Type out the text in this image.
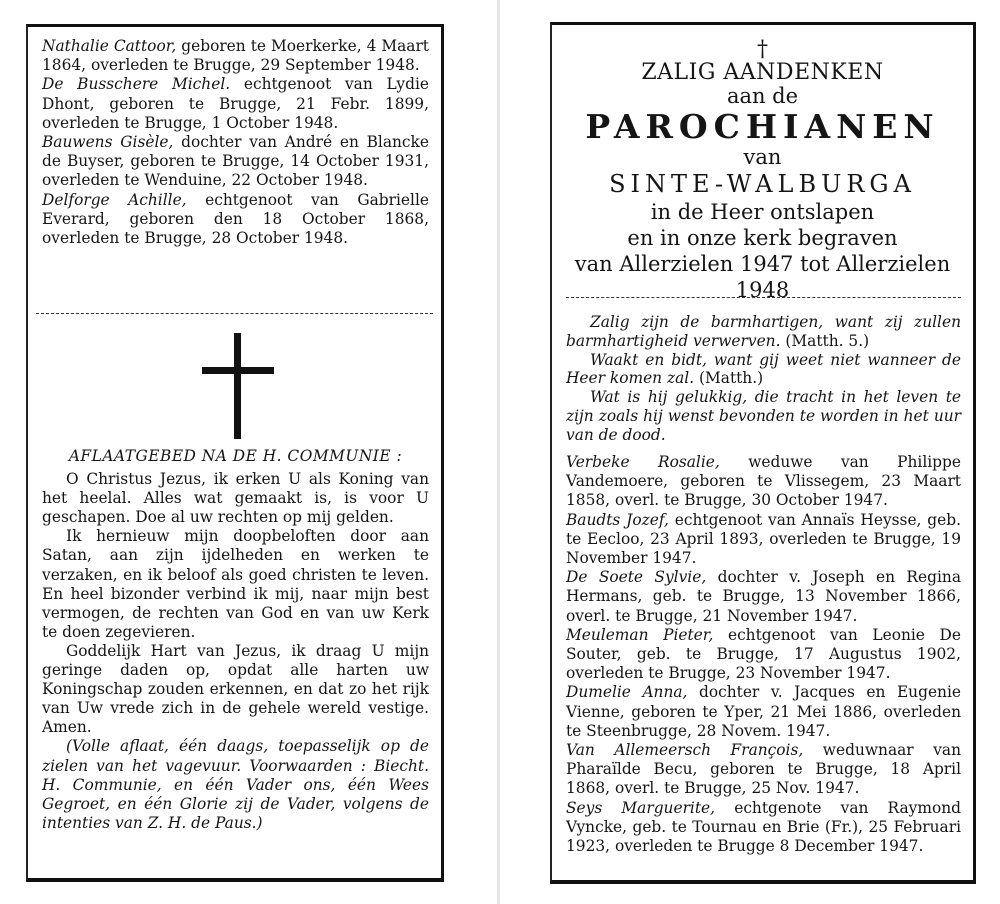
Nathalie Cattoor, geboren te Moerkerke, 4 Maart 1864, overleden te Brugge, 29 September 1948.

De Busschere Michel. echtgenoot van Lydie Dhont, geboren te Brugge, 21 Febr. 1899, overleden te Brugge, 1 October 1948.

Bauwens Gisèle, dochter van André en Blancke de Buyser, geboren te Brugge, 14 October 1931, overleden te Wenduine, 22 October 1948.

Delforge Achille, echtgenoot van Gabrielle Everard, geboren den 18 October 1868, overleden te Brugge, 28 October 1948.

AFLAATGEBED NA DE H. COMMUNIE :

O Christus Jezus, ik erken U als Koning van het heelal. Alles wat gemaakt is, is voor U geschapen. Doe al uw rechten op mij gelden.

Ik hernieuw mijn doopbeloften door aan Satan, aan zijn ijdelheden en werken te verzaken, en ik beloof als goed christen te leven. En heel bizonder verbind ik mij, naar mijn best vermogen, de rechten van God en van uw Kerk te doen zegevieren.

Goddelijk Hart van Jezus, ik draag U mijn geringe daden op, opdat alle harten uw Koningschap zouden erkennen, en dat zo het rijk van Uw vrede zich in de gehele wereld vestige. Amen.

(Volle aflaat, één daags, toepasselijk op de zielen van het vagevuur. Voorwaarden : Biecht. H. Communie, en één Vader ons, één Wees Gegroet, en één Glorie zij de Vader, volgens de intenties van Z. H. de Paus.)

†
ZALIG AANDENKEN
aan de
PAROCHIANEN
van
SINTE-WALBURGA
in de Heer ontslapen
en in onze kerk begraven
van Allerzielen 1947 tot Allerzielen 1948

Zalig zijn de barmhartigen, want zij zullen barmhartigheid verwerven. (Matth. 5.)

Waakt en bidt, want gij weet niet wanneer de Heer komen zal. (Matth.)

Wat is hij gelukkig, die tracht in het leven te zijn zoals hij wenst bevonden te worden in het uur van de dood.

Verbeke Rosalie, weduwe van Philippe Vandemoere, geboren te Vlissegem, 23 Maart 1858, overl. te Brugge, 30 October 1947.

Baudts Jozef, echtgenoot van Annaïs Heysse, geb. te Eecloo, 23 April 1893, overleden te Brugge, 19 November 1947.

De Soete Sylvie, dochter v. Joseph en Regina Hermans, geb. te Brugge, 13 November 1866, overl. te Brugge, 21 November 1947.

Meuleman Pieter, echtgenoot van Leonie De Souter, geb. te Brugge, 17 Augustus 1902, overleden te Brugge, 23 November 1947.

Dumelie Anna, dochter v. Jacques en Eugenie Vienne, geboren te Yper, 21 Mei 1886, overleden te Steenbrugge, 28 Novem. 1947.

Van Allemeersch François, weduwnaar van Pharaïlde Becu, geboren te Brugge, 18 April 1868, overl. te Brugge, 25 Nov. 1947.

Seys Marguerite, echtgenote van Raymond Vyncke, geb. te Tournau en Brie (Fr.), 25 Februari 1923, overleden te Brugge 8 December 1947.
